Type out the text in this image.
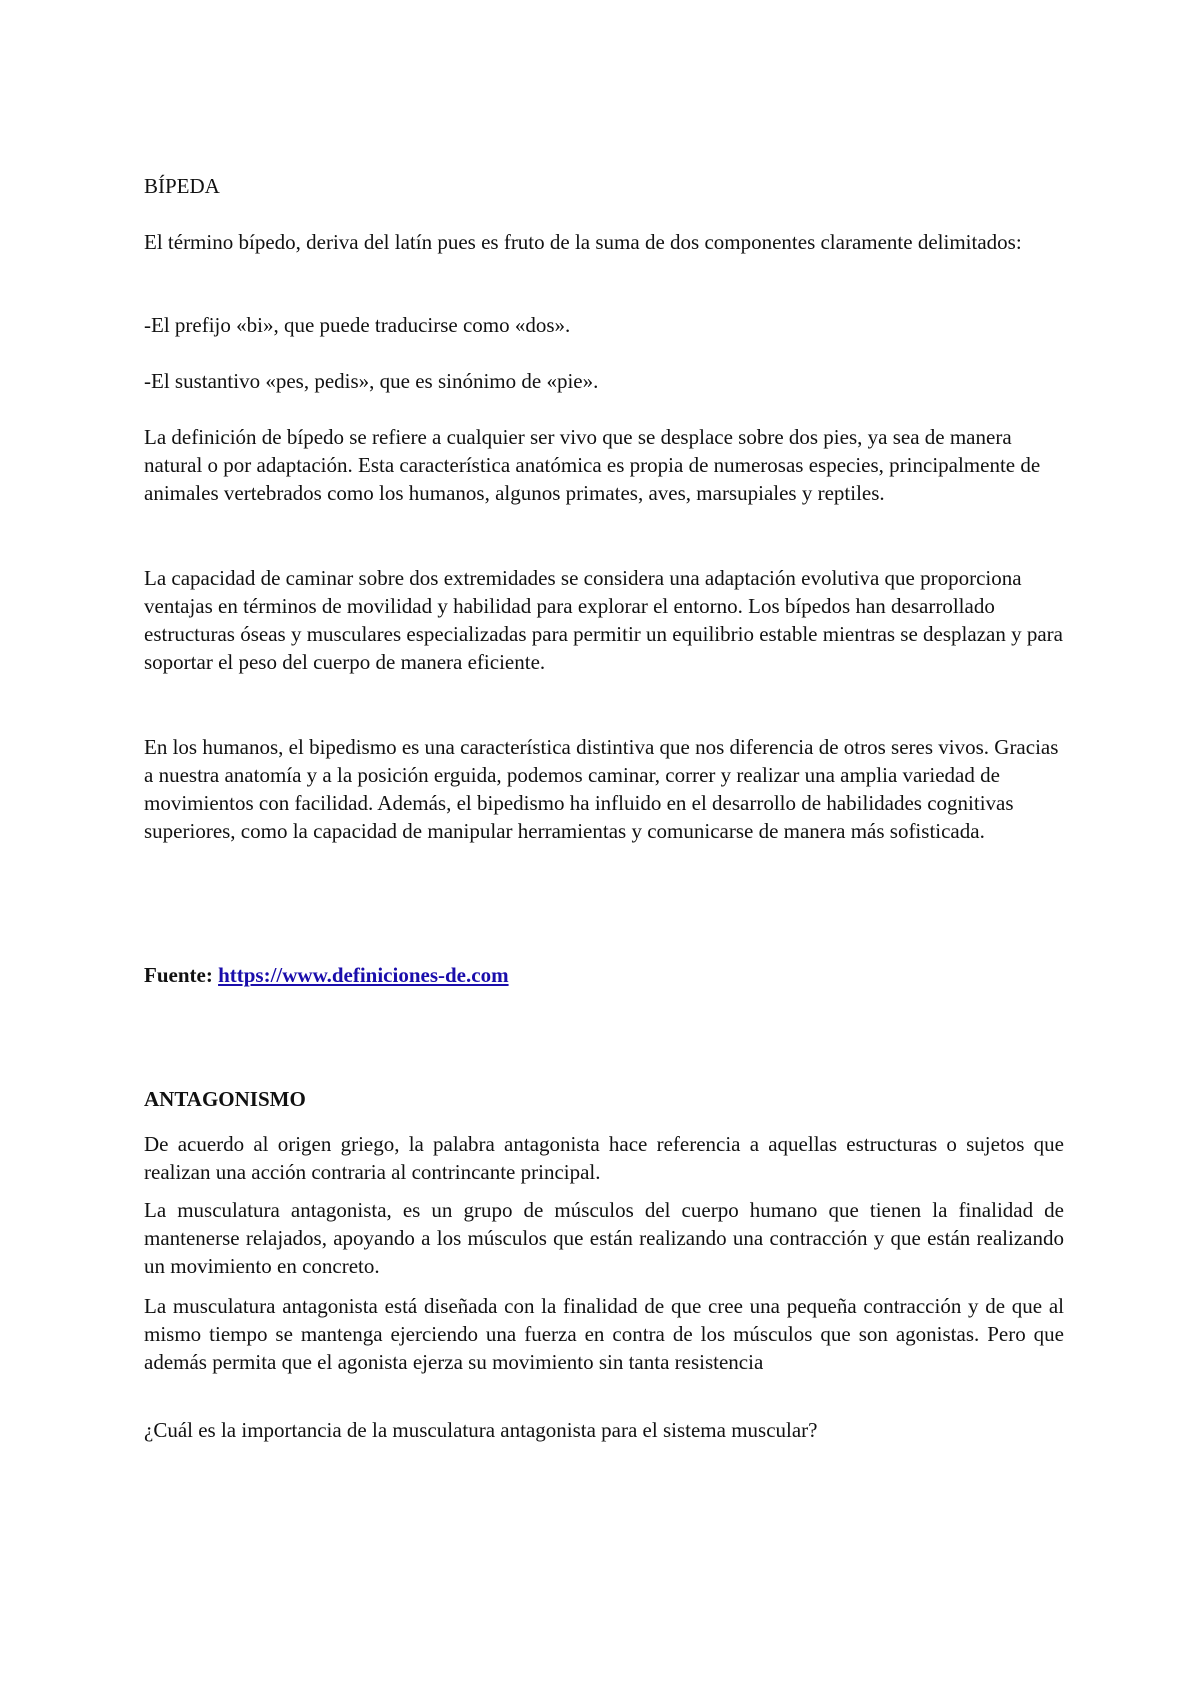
BÍPEDA

El término bípedo, deriva del latín pues es fruto de la suma de dos componentes claramente delimitados:

-El prefijo «bi», que puede traducirse como «dos».

-El sustantivo «pes, pedis», que es sinónimo de «pie».

La definición de bípedo se refiere a cualquier ser vivo que se desplace sobre dos pies, ya sea de manera natural o por adaptación. Esta característica anatómica es propia de numerosas especies, principalmente de animales vertebrados como los humanos, algunos primates, aves, marsupiales y reptiles.

La capacidad de caminar sobre dos extremidades se considera una adaptación evolutiva que proporciona ventajas en términos de movilidad y habilidad para explorar el entorno. Los bípedos han desarrollado estructuras óseas y musculares especializadas para permitir un equilibrio estable mientras se desplazan y para soportar el peso del cuerpo de manera eficiente.

En los humanos, el bipedismo es una característica distintiva que nos diferencia de otros seres vivos. Gracias a nuestra anatomía y a la posición erguida, podemos caminar, correr y realizar una amplia variedad de movimientos con facilidad. Además, el bipedismo ha influido en el desarrollo de habilidades cognitivas superiores, como la capacidad de manipular herramientas y comunicarse de manera más sofisticada.

Fuente: https://www.definiciones-de.com

ANTAGONISMO

De acuerdo al origen griego, la palabra antagonista hace referencia a aquellas estructuras o sujetos que realizan una acción contraria al contrincante principal.

La musculatura antagonista, es un grupo de músculos del cuerpo humano que tienen la finalidad de mantenerse relajados, apoyando a los músculos que están realizando una contracción y que están realizando un movimiento en concreto.

La musculatura antagonista está diseñada con la finalidad de que cree una pequeña contracción y de que al mismo tiempo se mantenga ejerciendo una fuerza en contra de los músculos que son agonistas. Pero que además permita que el agonista ejerza su movimiento sin tanta resistencia

¿Cuál es la importancia de la musculatura antagonista para el sistema muscular?
